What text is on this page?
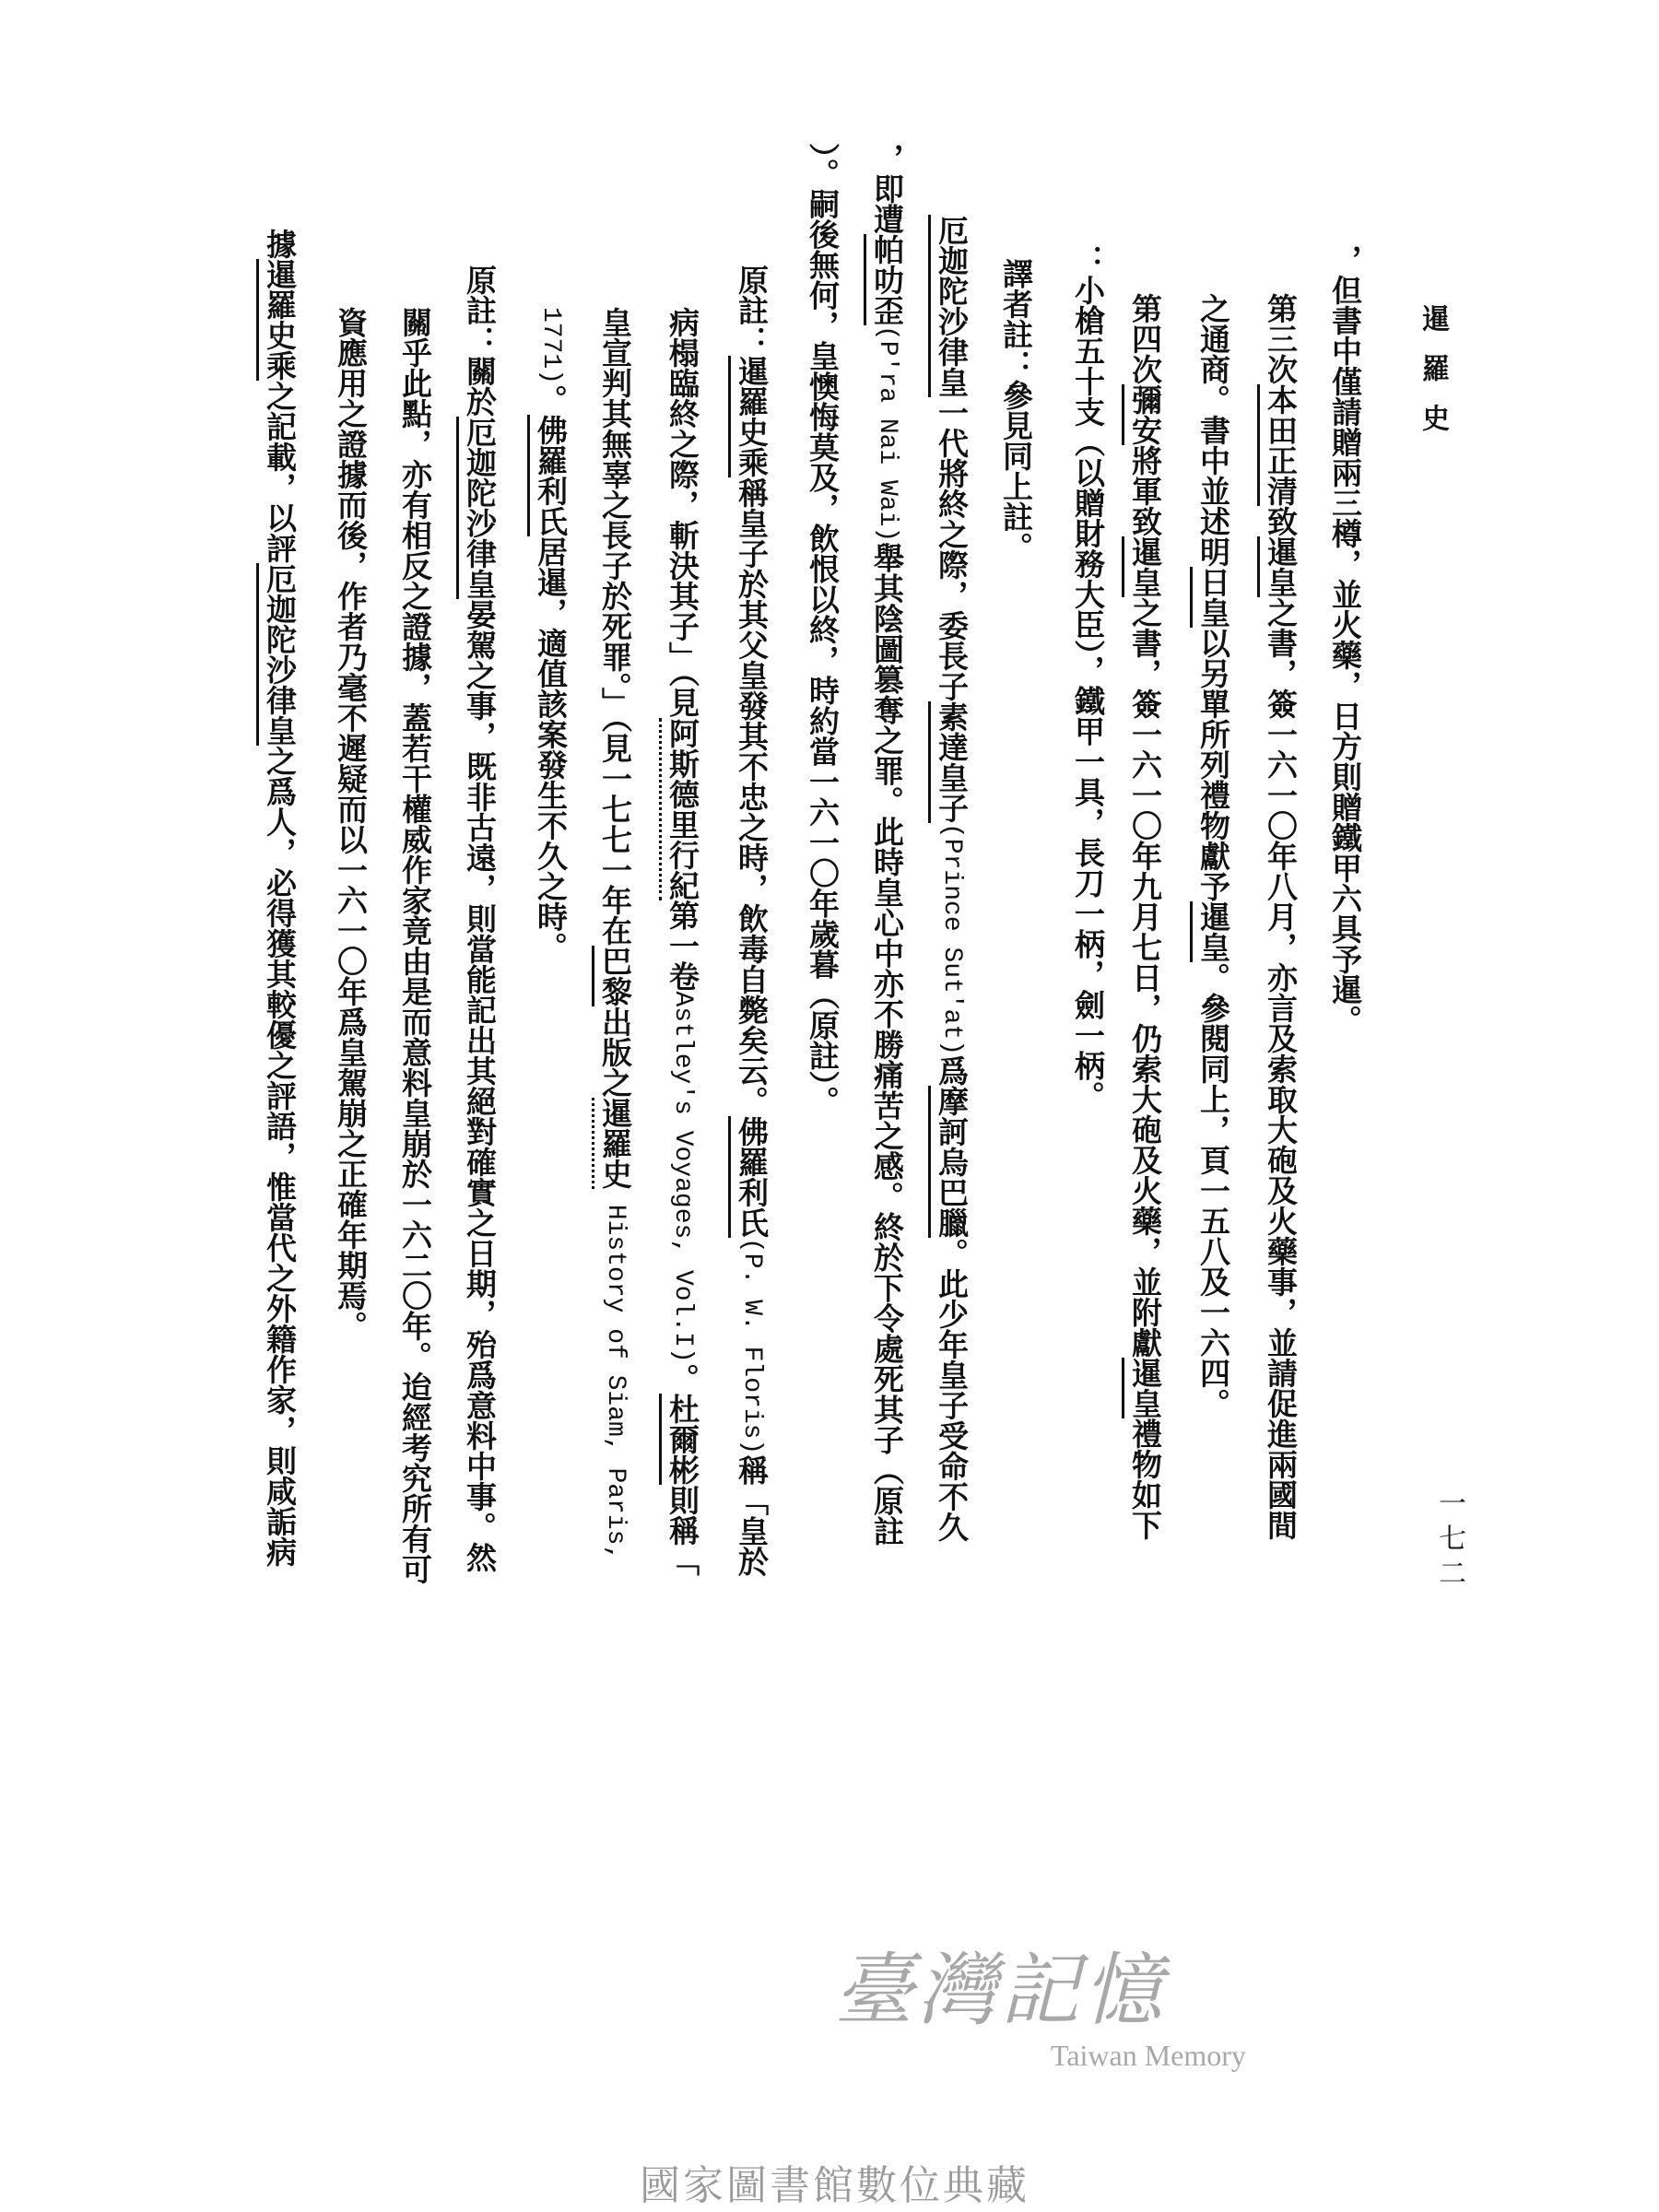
暹羅史
一七二
，但書中僅請贈兩三樽，並火藥，日方則贈鐵甲六具予暹。
第三次本田正清致暹皇之書，簽一六一〇年八月，亦言及索取大砲及火藥事，並請促進兩國間
之通商。書中並述明日皇以另單所列禮物獻予暹皇。參閱同上，頁一五八及一六四。
第四次彌安將軍致暹皇之書，簽一六一〇年九月七日，仍索大砲及火藥，並附獻暹皇禮物如下
：小槍五十支（以贈財務大臣），鐵甲一具，長刀一柄，劍一柄。
譯者註：參見同上註。
厄迦陀沙律皇一代將終之際，委長子素達皇子(Prince Sut'at)爲摩訶烏巴臘。此少年皇子受命不久
，即遭帕叻歪(P'ra Nai Wai)舉其陰圖篡奪之罪。此時皇心中亦不勝痛苦之感。終於下令處死其子（原註
）。嗣後無何，皇懊悔莫及，飲恨以終，時約當一六一〇年歲暮（原註）。
原註：暹羅史乘稱皇子於其父皇發其不忠之時，飲毒自斃矣云。佛羅利氏(P. W. Floris)稱「皇於
病榻臨終之際，斬決其子」（見阿斯德里行紀第一卷Astley's Voyages, Vol.I)。杜爾彬則稱「
皇宣判其無辜之長子於死罪。」（見一七七一年在巴黎出版之暹羅史 History of Siam, Paris,
1771)。佛羅利氏居暹，適值該案發生不久之時。
原註：關於厄迦陀沙律皇晏駕之事，既非古遠，則當能記出其絕對確實之日期，殆爲意料中事。然
關乎此點，亦有相反之證據，蓋若干權威作家竟由是而意料皇崩於一六二〇年。迨經考究所有可
資應用之證據而後，作者乃毫不遲疑而以一六一〇年爲皇駕崩之正確年期焉。
據暹羅史乘之記載，以評厄迦陀沙律皇之爲人，必得獲其較優之評語，惟當代之外籍作家，則咸詬病
臺灣記憶
Taiwan Memory
國家圖書館數位典藏
